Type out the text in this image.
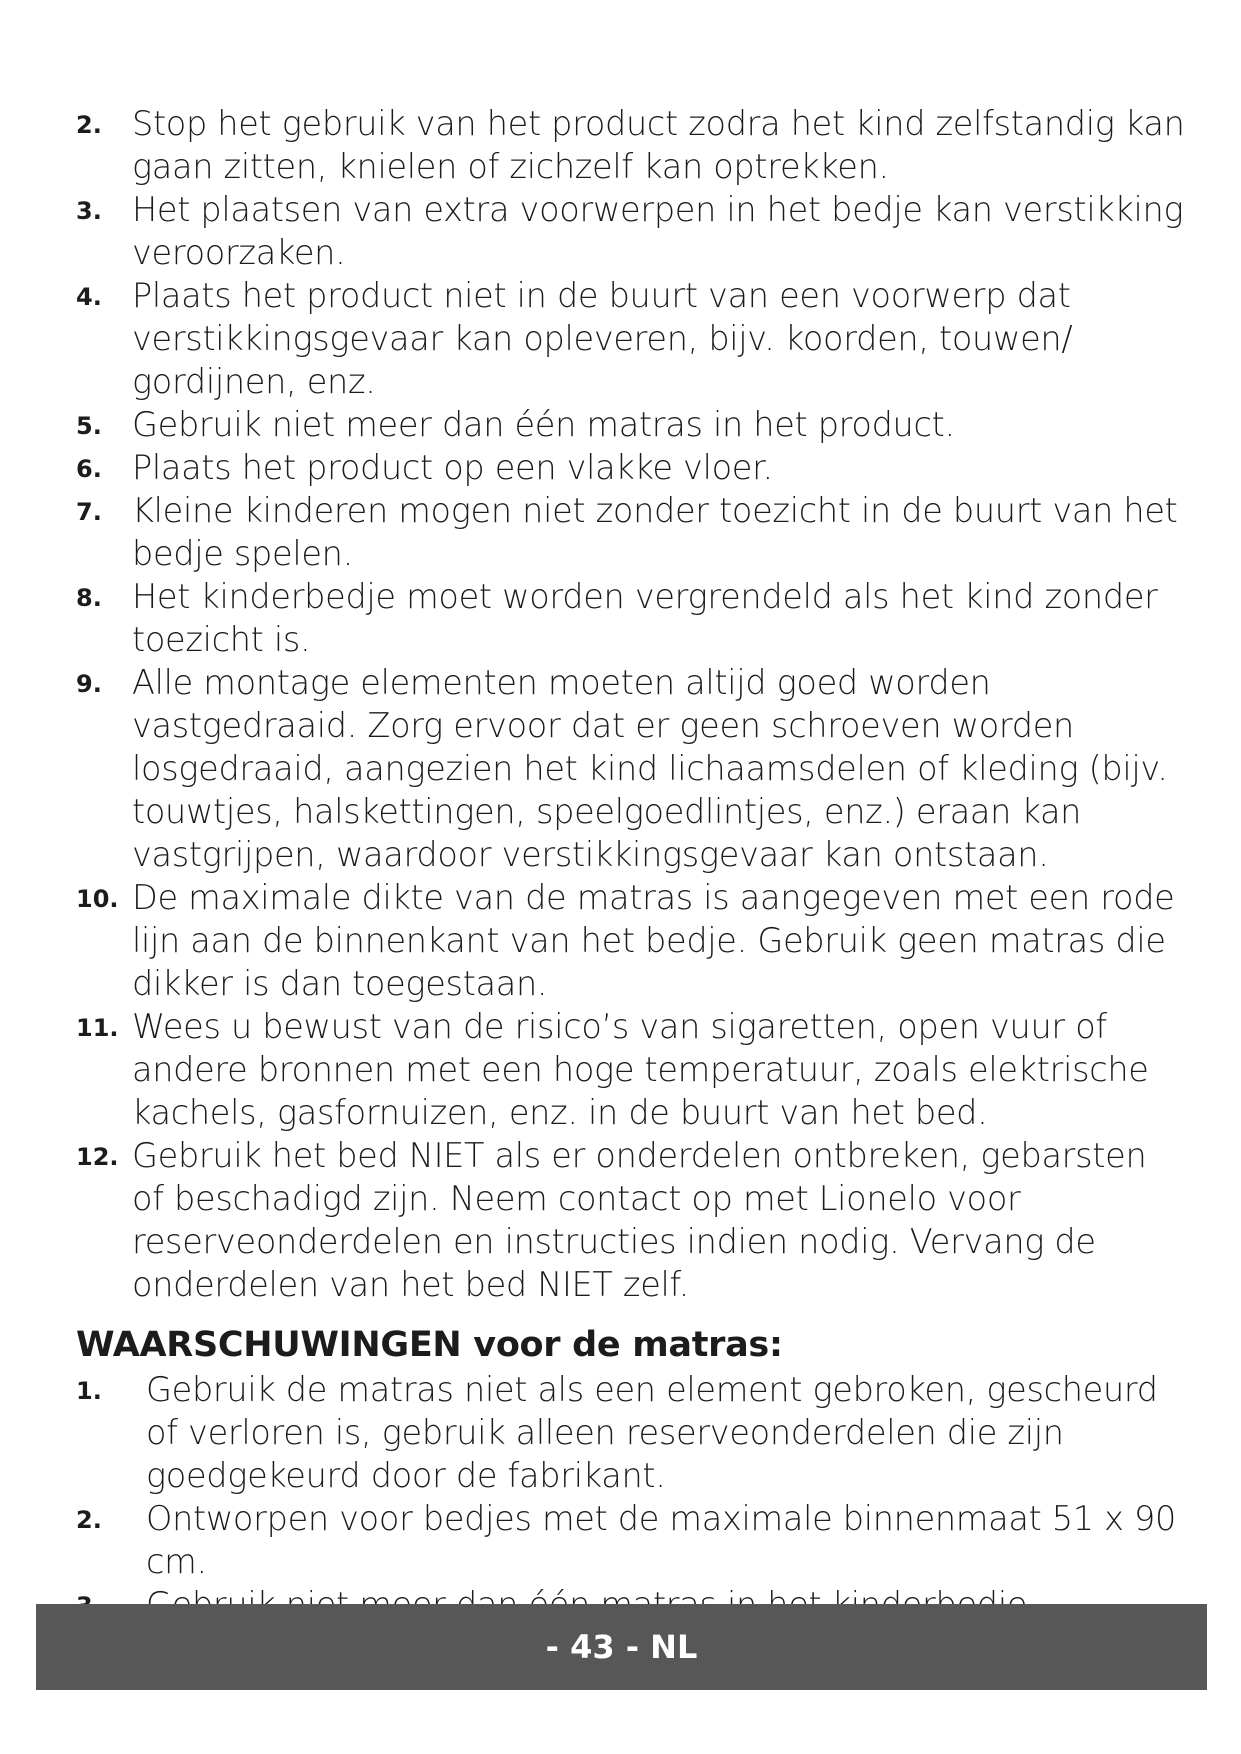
2. Stop het gebruik van het product zodra het kind zelfstandig kan gaan zitten, knielen of zichzelf kan optrekken.
3. Het plaatsen van extra voorwerpen in het bedje kan verstikking veroorzaken.
4. Plaats het product niet in de buurt van een voorwerp dat verstikkingsgevaar kan opleveren, bijv. koorden, touwen/ gordijnen, enz.
5. Gebruik niet meer dan één matras in het product.
6. Plaats het product op een vlakke vloer.
7. Kleine kinderen mogen niet zonder toezicht in de buurt van het bedje spelen.
8. Het kinderbedje moet worden vergrendeld als het kind zonder toezicht is.
9. Alle montage elementen moeten altijd goed worden vastgedraaid. Zorg ervoor dat er geen schroeven worden losgedraaid, aangezien het kind lichaamsdelen of kleding (bijv. touwtjes, halskettingen, speelgoedlintjes, enz.) eraan kan vastgrijpen, waardoor verstikkingsgevaar kan ontstaan.
10. De maximale dikte van de matras is aangegeven met een rode lijn aan de binnenkant van het bedje. Gebruik geen matras die dikker is dan toegestaan.
11. Wees u bewust van de risico’s van sigaretten, open vuur of andere bronnen met een hoge temperatuur, zoals elektrische kachels, gasfornuizen, enz. in de buurt van het bed.
12. Gebruik het bed NIET als er onderdelen ontbreken, gebarsten of beschadigd zijn. Neem contact op met Lionelo voor reserveonderdelen en instructies indien nodig. Vervang de onderdelen van het bed NIET zelf.
WAARSCHUWINGEN voor de matras:
1. Gebruik de matras niet als een element gebroken, gescheurd of verloren is, gebruik alleen reserveonderdelen die zijn goedgekeurd door de fabrikant.
2. Ontworpen voor bedjes met de maximale binnenmaat 51 x 90 cm.
- 43 - NL
